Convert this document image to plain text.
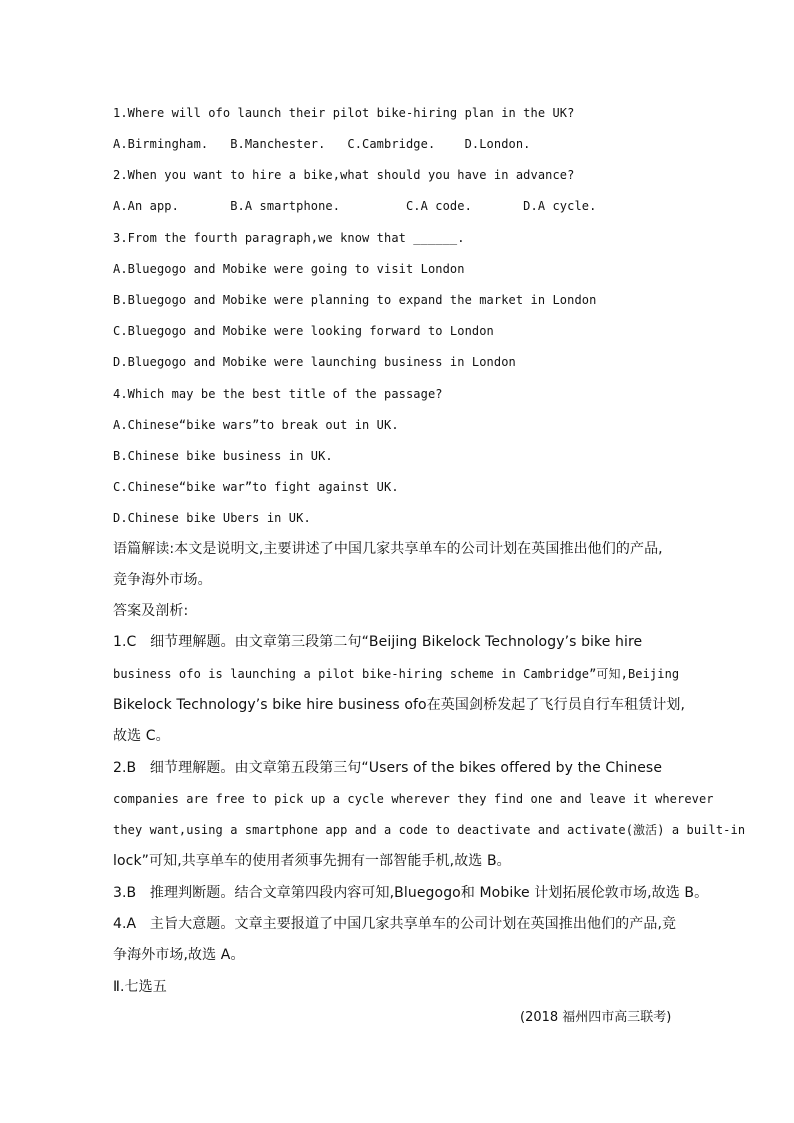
1.Where will ofo launch their pilot bike-hiring plan in the UK?
A.Birmingham.   B.Manchester.   C.Cambridge.    D.London.
2.When you want to hire a bike,what should you have in advance?
A.An app.       B.A smartphone.         C.A code.       D.A cycle.
3.From the fourth paragraph,we know that ______.
A.Bluegogo and Mobike were going to visit London
B.Bluegogo and Mobike were planning to expand the market in London
C.Bluegogo and Mobike were looking forward to London
D.Bluegogo and Mobike were launching business in London
4.Which may be the best title of the passage?
A.Chinese“bike wars”to break out in UK.
B.Chinese bike business in UK.
C.Chinese“bike war”to fight against UK.
D.Chinese bike Ubers in UK.
语篇解读:本文是说明文,主要讲述了中国几家共享单车的公司计划在英国推出他们的产品,
竞争海外市场。
答案及剖析:
1.C   细节理解题。由文章第三段第二句“Beijing Bikelock Technology’s bike hire
business ofo is launching a pilot bike-hiring scheme in Cambridge”可知,Beijing
Bikelock Technology’s bike hire business ofo在英国剑桥发起了飞行员自行车租赁计划,
故选 C。
2.B   细节理解题。由文章第五段第三句“Users of the bikes offered by the Chinese
companies are free to pick up a cycle wherever they find one and leave it wherever
they want,using a smartphone app and a code to deactivate and activate(激活) a built-in
lock”可知,共享单车的使用者须事先拥有一部智能手机,故选 B。
3.B   推理判断题。结合文章第四段内容可知,Bluegogo和 Mobike 计划拓展伦敦市场,故选 B。
4.A   主旨大意题。文章主要报道了中国几家共享单车的公司计划在英国推出他们的产品,竞
争海外市场,故选 A。
Ⅱ.七选五
(2018 福州四市高三联考)
